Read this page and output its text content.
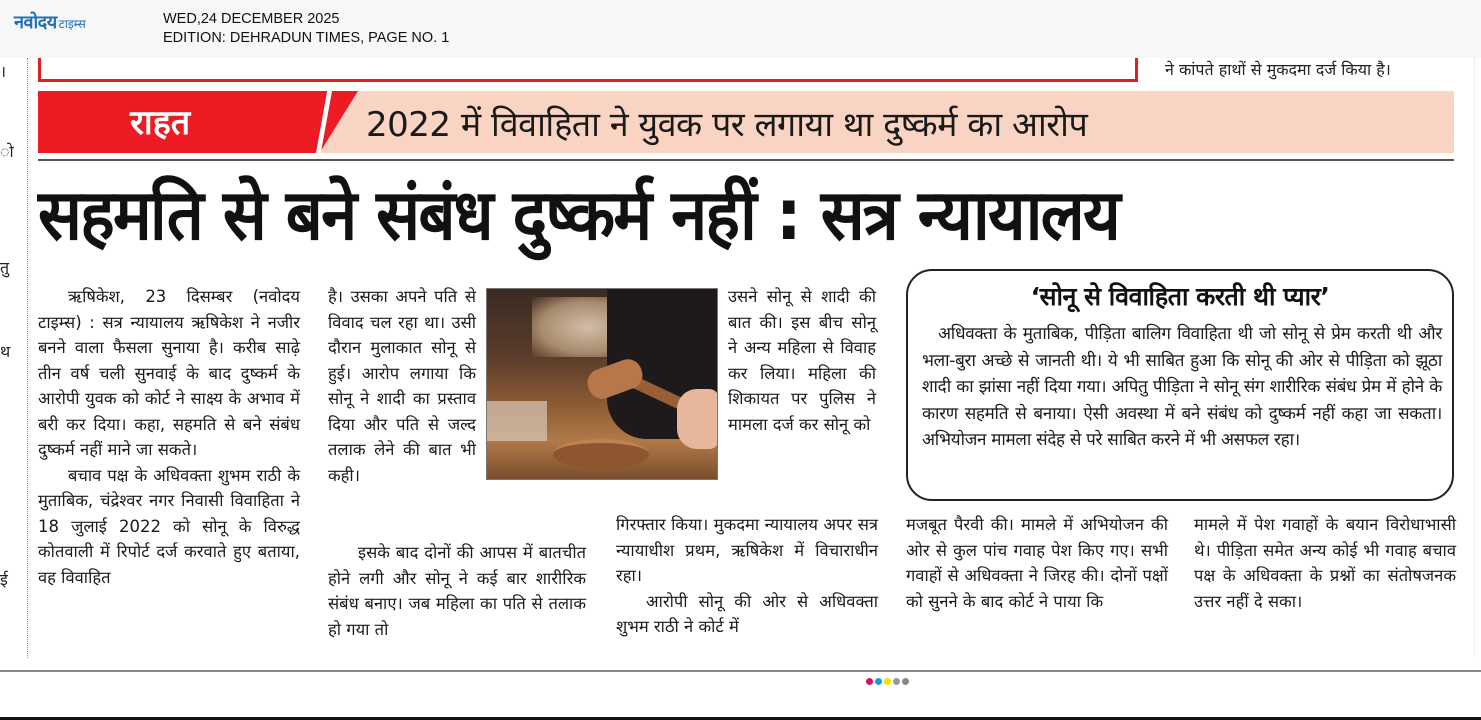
नवोदय टाइम्स	WED,24 DECEMBER 2025
EDITION: DEHRADUN TIMES, PAGE NO. 1
।
ो
तु
थ
ई
ने कांपते हाथों से मुकदमा दर्ज किया है।
राहत	2022 में विवाहिता ने युवक पर लगाया था दुष्कर्म का आरोप
सहमति से बने संबंध दुष्कर्म नहीं : सत्र न्यायालय

ऋषिकेश, 23 दिसम्बर (नवोदय टाइम्स) : सत्र न्यायालय ऋषिकेश ने नजीर बनने वाला फैसला सुनाया है। करीब साढ़े तीन वर्ष चली सुनवाई के बाद दुष्कर्म के आरोपी युवक को कोर्ट ने साक्ष्य के अभाव में बरी कर दिया। कहा, सहमति से बने संबंध दुष्कर्म नहीं माने जा सकते।

बचाव पक्ष के अधिवक्ता शुभम राठी के मुताबिक, चंद्रेश्वर नगर निवासी विवाहिता ने 18 जुलाई 2022 को सोनू के विरुद्ध कोतवाली में रिपोर्ट दर्ज करवाते हुए बताया, वह विवाहित

है। उसका अपने पति से विवाद चल रहा था। उसी दौरान मुलाकात सोनू से हुई। आरोप लगाया कि सोनू ने शादी का प्रस्ताव दिया और पति से जल्द तलाक लेने की बात भी कही।

इसके बाद दोनों की आपस में बातचीत होने लगी और सोनू ने कई बार शारीरिक संबंध बनाए। जब महिला का पति से तलाक हो गया तो

उसने सोनू से शादी की बात की। इस बीच सोनू ने अन्य महिला से विवाह कर लिया। महिला की शिकायत पर पुलिस ने मामला दर्ज कर सोनू को

गिरफ्तार किया। मुकदमा न्यायालय अपर सत्र न्यायाधीश प्रथम, ऋषिकेश में विचाराधीन रहा।

आरोपी सोनू की ओर से अधिवक्ता शुभम राठी ने कोर्ट में

‘सोनू से विवाहिता करती थी प्यार’
अधिवक्ता के मुताबिक, पीड़िता बालिग विवाहिता थी जो सोनू से प्रेम करती थी और भला-बुरा अच्छे से जानती थी। ये भी साबित हुआ कि सोनू की ओर से पीड़िता को झूठा शादी का झांसा नहीं दिया गया। अपितु पीड़िता ने सोनू संग शारीरिक संबंध प्रेम में होने के कारण सहमति से बनाया। ऐसी अवस्था में बने संबंध को दुष्कर्म नहीं कहा जा सकता। अभियोजन मामला संदेह से परे साबित करने में भी असफल रहा।

मजबूत पैरवी की। मामले में अभियोजन की ओर से कुल पांच गवाह पेश किए गए। सभी गवाहों से अधिवक्ता ने जिरह की। दोनों पक्षों को सुनने के बाद कोर्ट ने पाया कि

मामले में पेश गवाहों के बयान विरोधाभासी थे। पीड़िता समेत अन्य कोई भी गवाह बचाव पक्ष के अधिवक्ता के प्रश्नों का संतोषजनक उत्तर नहीं दे सका।
